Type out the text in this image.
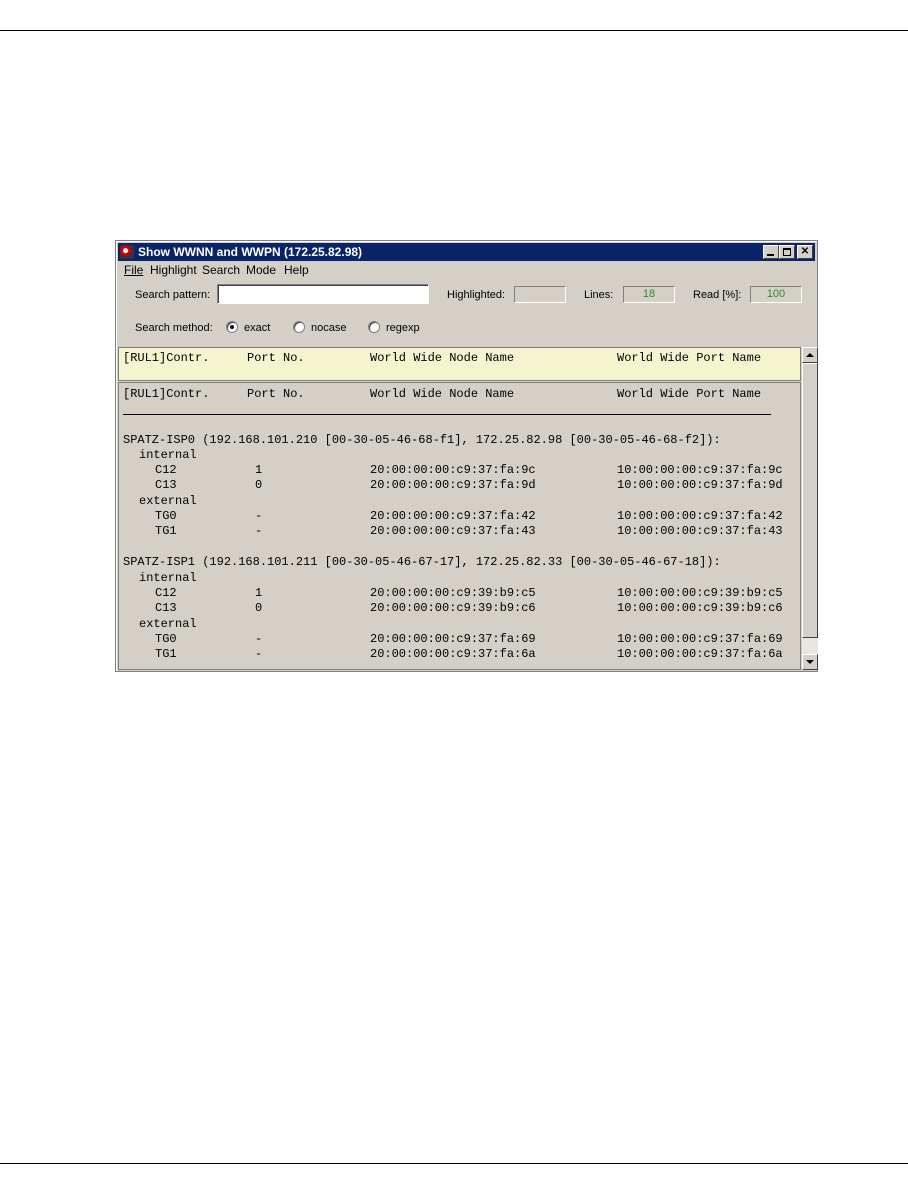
Show WWNN and WWPN (172.25.82.98)	✕
File Highlight Search Mode Help
Search pattern:	Highlighted:	Lines:	18	Read [%]:	100
Search method:	exact	nocase	regexp
[RUL1]Contr.	Port No.	World Wide Node Name	World Wide Port Name
[RUL1]Contr.	Port No.	World Wide Node Name	World Wide Port Name
SPATZ-ISP0 (192.168.101.210 [00-30-05-46-68-f1], 172.25.82.98 [00-30-05-46-68-f2]):
internal
C12	1	20:00:00:00:c9:37:fa:9c	10:00:00:00:c9:37:fa:9c
C13	0	20:00:00:00:c9:37:fa:9d	10:00:00:00:c9:37:fa:9d
external
TG0	-	20:00:00:00:c9:37:fa:42	10:00:00:00:c9:37:fa:42
TG1	-	20:00:00:00:c9:37:fa:43	10:00:00:00:c9:37:fa:43
SPATZ-ISP1 (192.168.101.211 [00-30-05-46-67-17], 172.25.82.33 [00-30-05-46-67-18]):
internal
C12	1	20:00:00:00:c9:39:b9:c5	10:00:00:00:c9:39:b9:c5
C13	0	20:00:00:00:c9:39:b9:c6	10:00:00:00:c9:39:b9:c6
external
TG0	-	20:00:00:00:c9:37:fa:69	10:00:00:00:c9:37:fa:69
TG1	-	20:00:00:00:c9:37:fa:6a	10:00:00:00:c9:37:fa:6a
